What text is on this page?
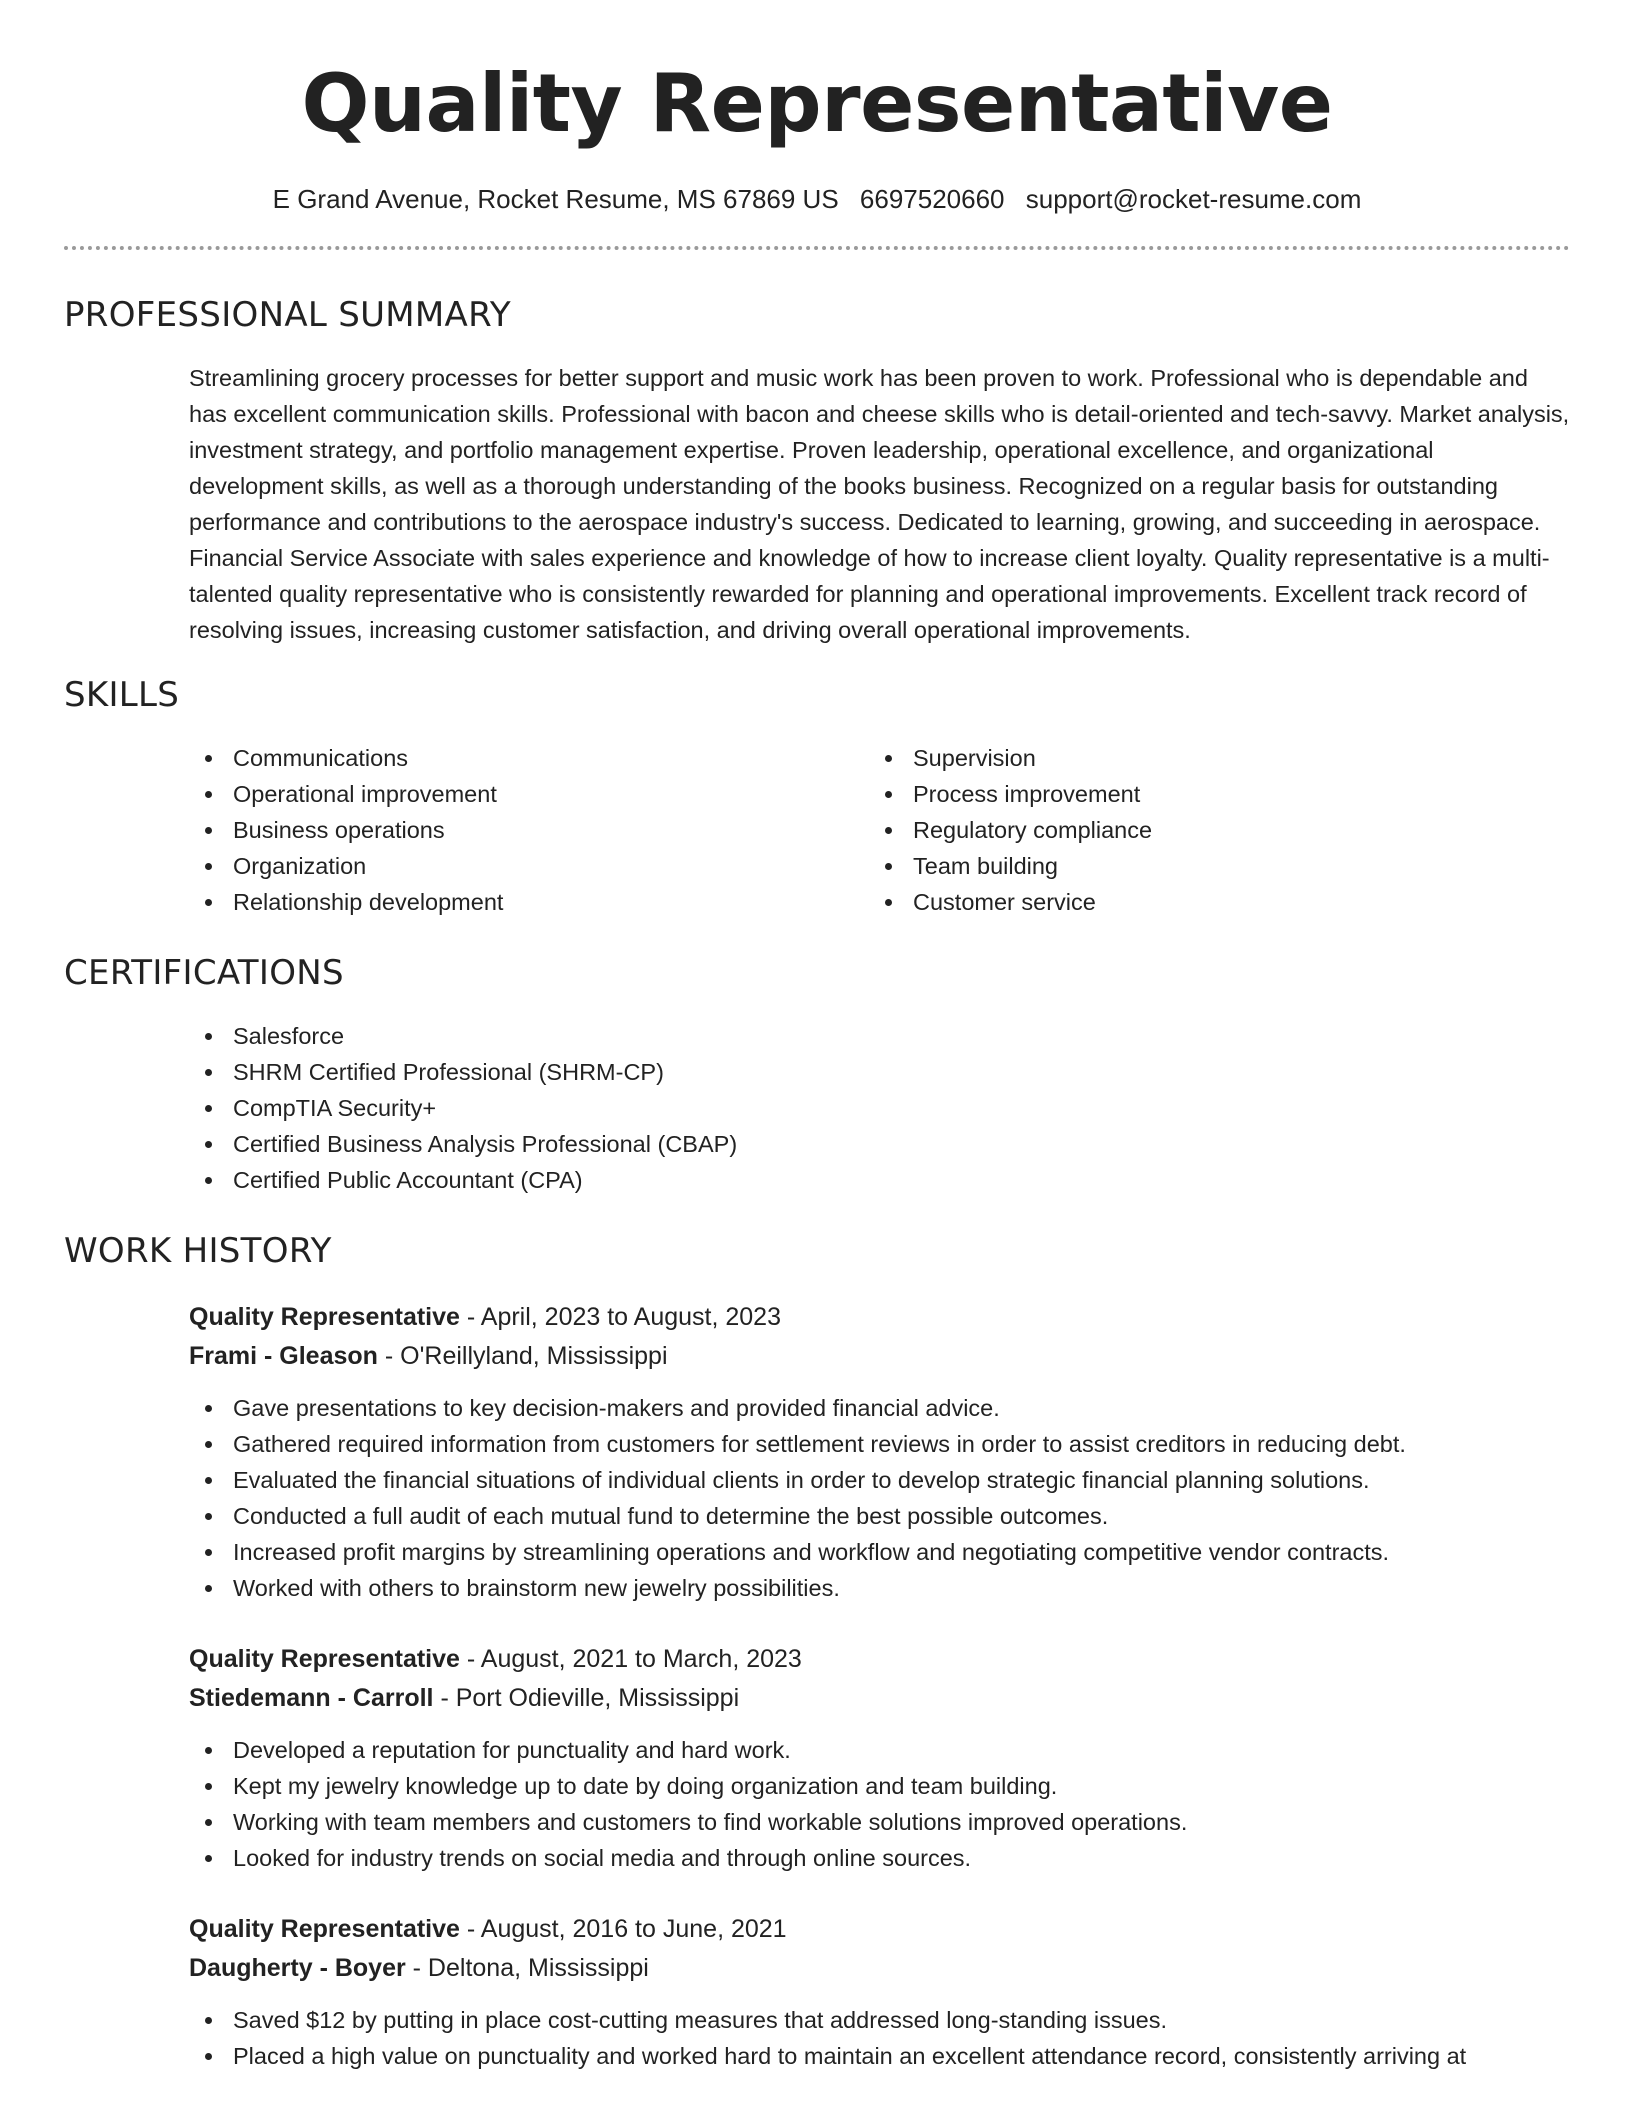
Quality Representative
E Grand Avenue, Rocket Resume, MS 67869 US 6697520660 support@rocket-resume.com
PROFESSIONAL SUMMARY

Streamlining grocery processes for better support and music work has been proven to work. Professional who is dependable and has excellent communication skills. Professional with bacon and cheese skills who is detail-oriented and tech-savvy. Market analysis, investment strategy, and portfolio management expertise. Proven leadership, operational excellence, and organizational development skills, as well as a thorough understanding of the books business. Recognized on a regular basis for outstanding performance and contributions to the aerospace industry's success. Dedicated to learning, growing, and succeeding in aerospace. Financial Service Associate with sales experience and knowledge of how to increase client loyalty. Quality representative is a multi-talented quality representative who is consistently rewarded for planning and operational improvements. Excellent track record of resolving issues, increasing customer satisfaction, and driving overall operational improvements.

SKILLS
Communications
Operational improvement
Business operations
Organization
Relationship development
Supervision
Process improvement
Regulatory compliance
Team building
Customer service
CERTIFICATIONS
Salesforce
SHRM Certified Professional (SHRM-CP)
CompTIA Security+
Certified Business Analysis Professional (CBAP)
Certified Public Accountant (CPA)
WORK HISTORY
Quality Representative - April, 2023 to August, 2023
Frami - Gleason - O'Reillyland, Mississippi
Gave presentations to key decision-makers and provided financial advice.
Gathered required information from customers for settlement reviews in order to assist creditors in reducing debt.
Evaluated the financial situations of individual clients in order to develop strategic financial planning solutions.
Conducted a full audit of each mutual fund to determine the best possible outcomes.
Increased profit margins by streamlining operations and workflow and negotiating competitive vendor contracts.
Worked with others to brainstorm new jewelry possibilities.
Quality Representative - August, 2021 to March, 2023
Stiedemann - Carroll - Port Odieville, Mississippi
Developed a reputation for punctuality and hard work.
Kept my jewelry knowledge up to date by doing organization and team building.
Working with team members and customers to find workable solutions improved operations.
Looked for industry trends on social media and through online sources.
Quality Representative - August, 2016 to June, 2021
Daugherty - Boyer - Deltona, Mississippi
Saved $12 by putting in place cost-cutting measures that addressed long-standing issues.
Placed a high value on punctuality and worked hard to maintain an excellent attendance record, consistently arriving at
